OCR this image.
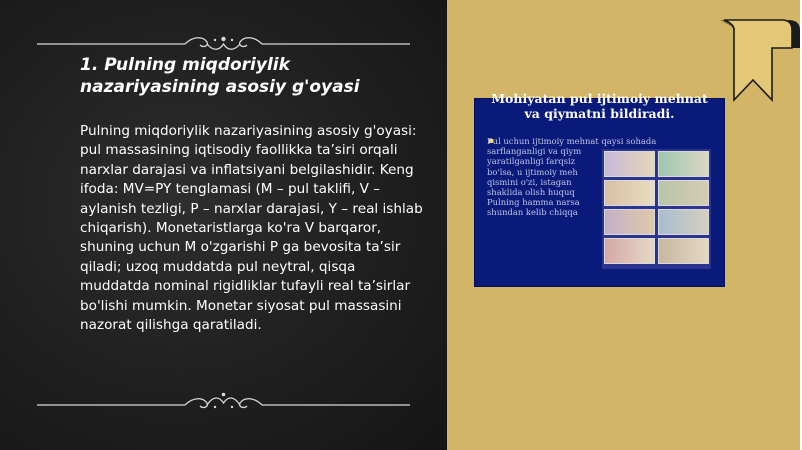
1. Pulning miqdoriylik nazariyasining asosiy g'oyasi

Pulning miqdoriylik nazariyasining asosiy g'oyasi: pul massasining iqtisodiy faollikka ta’siri orqali narxlar darajasi va inflatsiyani belgilashidir. Keng ifoda: MV=PY tenglamasi (M – pul taklifi, V – aylanish tezligi, P – narxlar darajasi, Y – real ishlab chiqarish). Monetaristlarga ko'ra V barqaror, shuning uchun M o'zgarishi P ga bevosita ta’sir qiladi; uzoq muddatda pul neytral, qisqa muddatda nominal rigidliklar tufayli real ta’sirlar bo'lishi mumkin. Monetar siyosat pul massasini nazorat qilishga qaratiladi.

Mohiyatan pul ijtimoiy mehnat va qiymatni bildiradi.

Pul uchun ijtimoiy mehnat qaysi sohada
sarflanganligi va qiym
yaratilganligi farqsiz
bo'lsa, u ijtimoiy meh
qismini o'zi, istagan
shaklida olish huquq
Pulning hamma narsa
shundan kelib chiqqa
